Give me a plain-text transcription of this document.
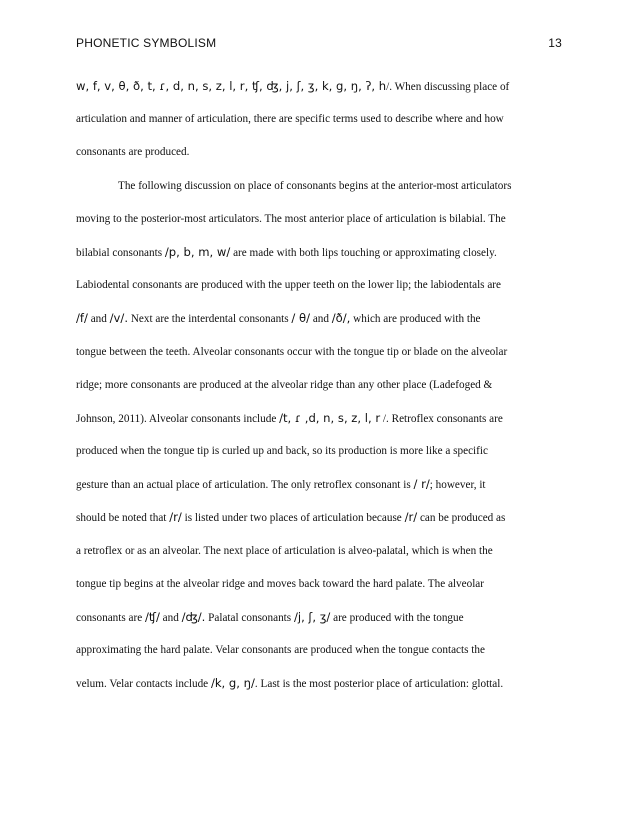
PHONETIC SYMBOLISM	13
w, f, v, θ, ð, t, ɾ, d, n, s, z, l, r, ʧ, ʤ, j, ʃ, ʒ, k, g, ŋ, ʔ, h/. When discussing place of
articulation and manner of articulation, there are specific terms used to describe where and how
consonants are produced.
The following discussion on place of consonants begins at the anterior-most articulators
moving to the posterior-most articulators. The most anterior place of articulation is bilabial. The
bilabial consonants /p, b, m, w/ are made with both lips touching or approximating closely.
Labiodental consonants are produced with the upper teeth on the lower lip; the labiodentals are
/f/ and /v/. Next are the interdental consonants / θ/ and /ð/, which are produced with the
tongue between the teeth. Alveolar consonants occur with the tongue tip or blade on the alveolar
ridge; more consonants are produced at the alveolar ridge than any other place (Ladefoged &
Johnson, 2011). Alveolar consonants include /t, ɾ ,d, n, s, z, l, r /. Retroflex consonants are
produced when the tongue tip is curled up and back, so its production is more like a specific
gesture than an actual place of articulation. The only retroflex consonant is / r/; however, it
should be noted that /r/ is listed under two places of articulation because /r/ can be produced as
a retroflex or as an alveolar. The next place of articulation is alveo-palatal, which is when the
tongue tip begins at the alveolar ridge and moves back toward the hard palate. The alveolar
consonants are /ʧ/ and /ʤ/. Palatal consonants /j, ʃ, ʒ/ are produced with the tongue
approximating the hard palate. Velar consonants are produced when the tongue contacts the
velum. Velar contacts include /k, g, ŋ/. Last is the most posterior place of articulation: glottal.
